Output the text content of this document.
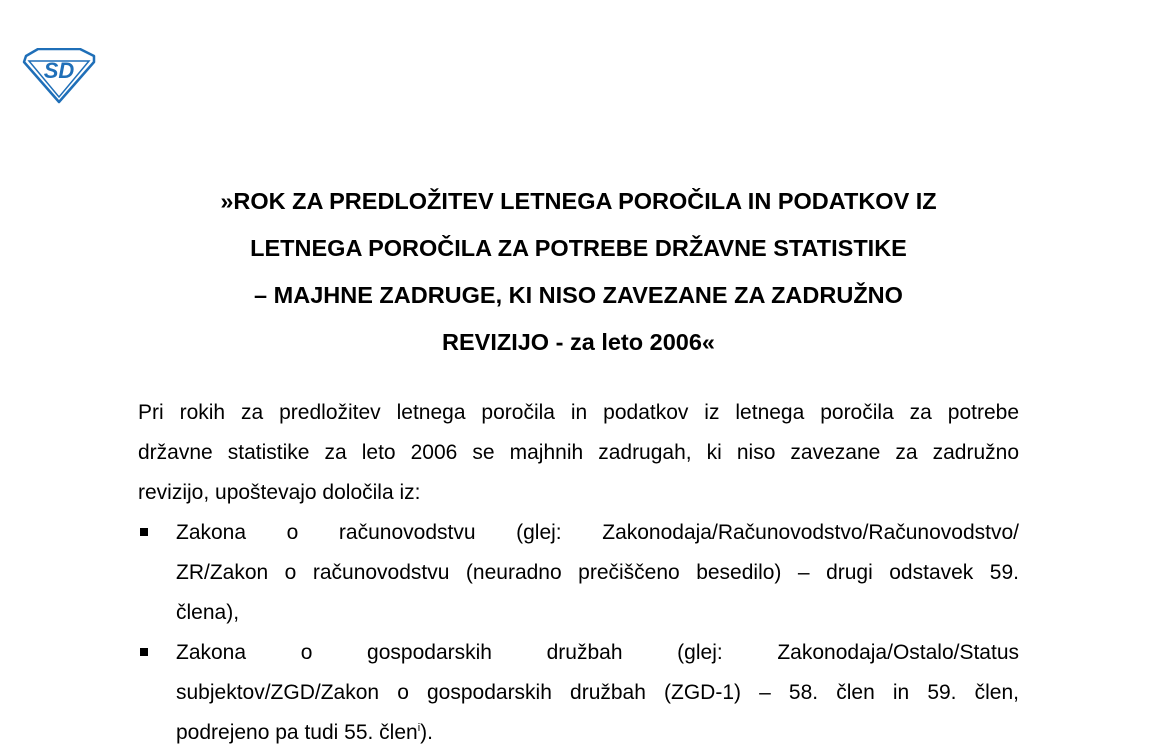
SD
»ROK ZA PREDLOŽITEV LETNEGA POROČILA IN PODATKOV IZ
LETNEGA POROČILA ZA POTREBE DRŽAVNE STATISTIKE
– MAJHNE ZADRUGE, KI NISO ZAVEZANE ZA ZADRUŽNO
REVIZIJO - za leto 2006«

Pri rokih za predložitev letnega poročila in podatkov iz letnega poročila za potrebe
državne statistike za leto 2006 se majhnih zadrugah, ki niso zavezane za zadružno
revizijo, upoštevajo določila iz:

Zakona o računovodstvu (glej: Zakonodaja/Računovodstvo/Računovodstvo/
ZR/Zakon o računovodstvu (neuradno prečiščeno besedilo) – drugi odstavek 59.
člena),
Zakona o gospodarskih družbah (glej: Zakonodaja/Ostalo/Status
subjektov/ZGD/Zakon o gospodarskih družbah (ZGD-1) – 58. člen in 59. člen,
podrejeno pa tudi 55. člen$^i$).
